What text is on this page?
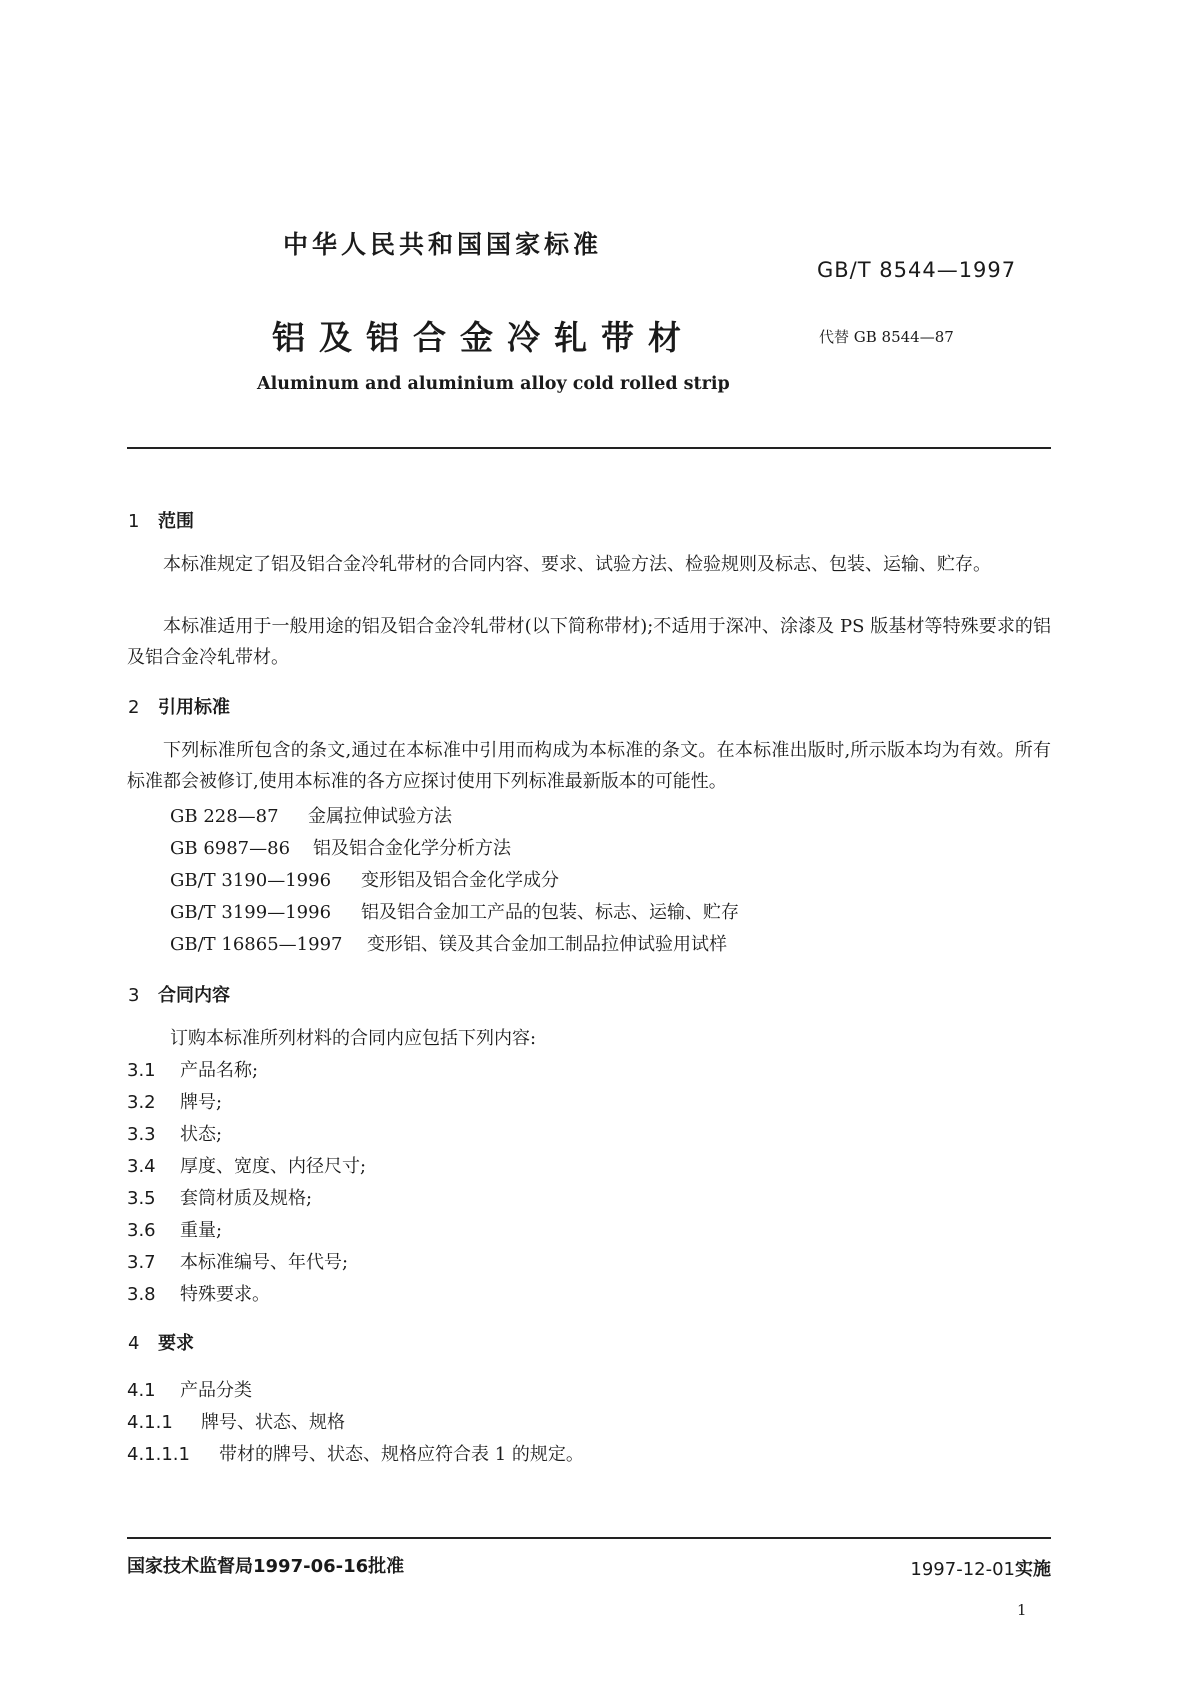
中华人民共和国国家标准
GB/T 8544—1997
铝及铝合金冷轧带材	代替 GB 8544—87
Aluminum and aluminium alloy cold rolled strip
1 范围
本标准规定了铝及铝合金冷轧带材的合同内容、要求、试验方法、检验规则及标志、包装、运输、贮存。
本标准适用于一般用途的铝及铝合金冷轧带材(以下简称带材);不适用于深冲、涂漆及 PS 版基材等特殊要求的铝及铝合金冷轧带材。
2 引用标准
下列标准所包含的条文,通过在本标准中引用而构成为本标准的条文。在本标准出版时,所示版本均为有效。所有标准都会被修订,使用本标准的各方应探讨使用下列标准最新版本的可能性。
GB 228—87 金属拉伸试验方法
GB 6987—86 铝及铝合金化学分析方法
GB/T 3190—1996 变形铝及铝合金化学成分
GB/T 3199—1996 铝及铝合金加工产品的包装、标志、运输、贮存
GB/T 16865—1997 变形铝、镁及其合金加工制品拉伸试验用试样
3 合同内容
订购本标准所列材料的合同内应包括下列内容:
3.1 产品名称;
3.2 牌号;
3.3 状态;
3.4 厚度、宽度、内径尺寸;
3.5 套筒材质及规格;
3.6 重量;
3.7 本标准编号、年代号;
3.8 特殊要求。
4 要求
4.1 产品分类
4.1.1 牌号、状态、规格
4.1.1.1 带材的牌号、状态、规格应符合表 1 的规定。
国家技术监督局1997-06-16批准	1997-12-01实施
1
